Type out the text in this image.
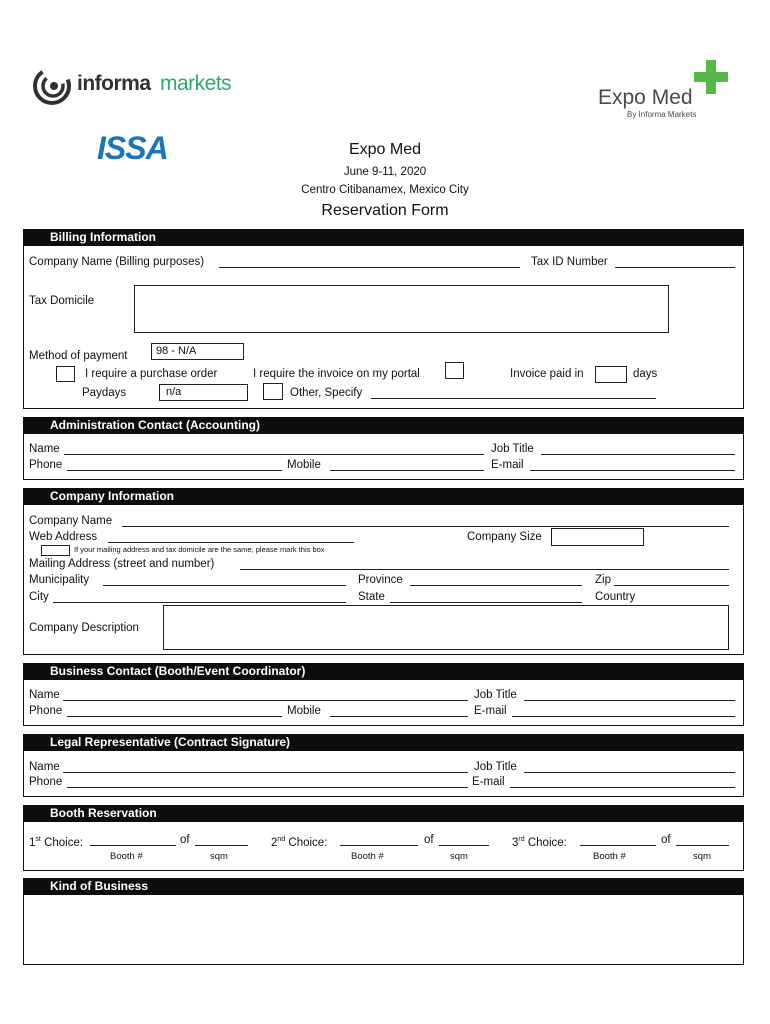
informa markets
ISSA
Expo Med
By Informa Markets
Expo Med
June 9-11, 2020
Centro Citibanamex, Mexico City
Reservation Form
Billing Information
Company Name (Billing purposes)	Tax ID Number
Tax Domicile
Method of payment	98 - N/A
I require a purchase order	I require the invoice on my portal	Invoice paid in	days
Paydays	n/a	Other, Specify
Administration Contact (Accounting)
Name	Job Title
Phone	Mobile	E-mail
Company Information
Company Name
Web Address	Company Size
If your mailing address and tax domicile are the same, please mark this box
Mailing Address (street and number)
Municipality	Province	Zip
City	State	Country
Company Description
Business Contact (Booth/Event Coordinator)
Name	Job Title
Phone	Mobile	E-mail
Legal Representative (Contract Signature)
Name	Job Title
Phone	E-mail
Booth Reservation
1st Choice:	of
Booth #	sqm
2nd Choice:	of
Booth #	sqm
3rd Choice:	of
Booth #	sqm
Kind of Business
